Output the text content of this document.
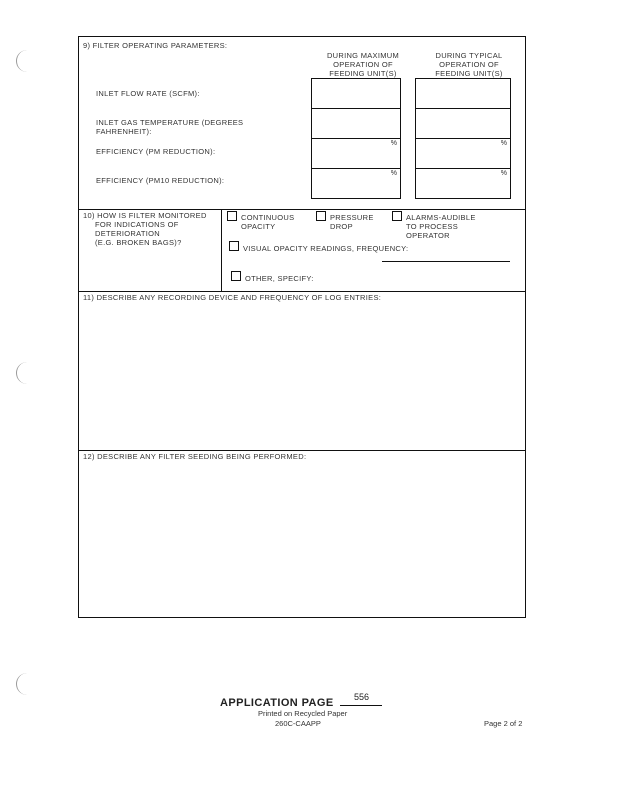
9) FILTER OPERATING PARAMETERS:
DURING MAXIMUM
OPERATION OF
FEEDING UNIT(S)
DURING TYPICAL
OPERATION OF
FEEDING UNIT(S)
INLET FLOW RATE (SCFM):
INLET GAS TEMPERATURE (DEGREES
FAHRENHEIT):
EFFICIENCY (PM REDUCTION):
EFFICIENCY (PM10 REDUCTION):
%
%
%
%
10) HOW IS FILTER MONITORED
FOR INDICATIONS OF
DETERIORATION
(E.G. BROKEN BAGS)?
CONTINUOUS
OPACITY
PRESSURE
DROP
ALARMS-AUDIBLE
TO PROCESS
OPERATOR
VISUAL OPACITY READINGS, FREQUENCY:
OTHER, SPECIFY:
11) DESCRIBE ANY RECORDING DEVICE AND FREQUENCY OF LOG ENTRIES:
12) DESCRIBE ANY FILTER SEEDING BEING PERFORMED:
APPLICATION PAGE	556
Printed on Recycled Paper
260C-CAAPP	Page 2 of 2
